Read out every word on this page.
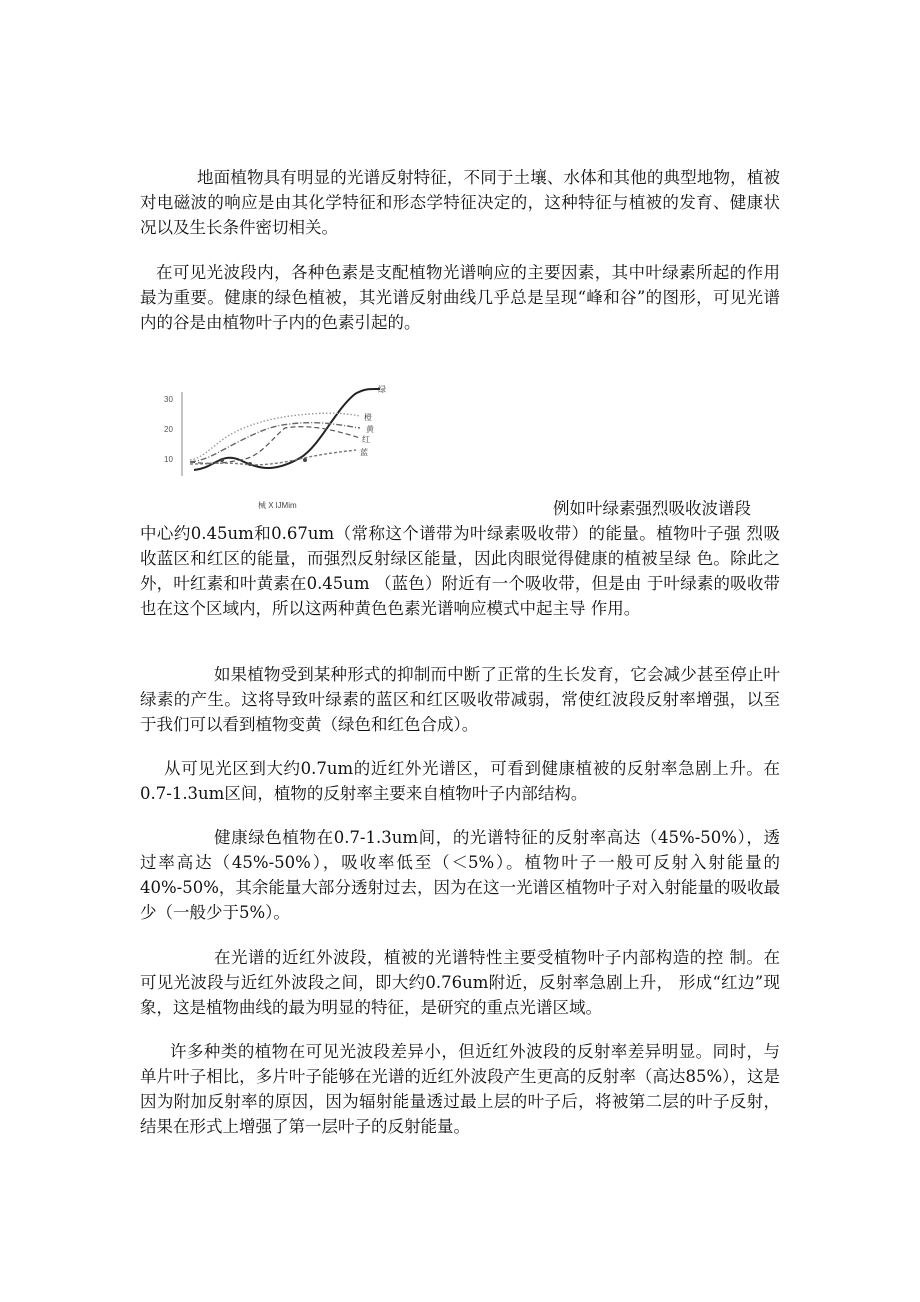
地面植物具有明显的光谱反射特征，不同于土壤、水体和其他的典型地物，植被对电磁波的响应是由其化学特征和形态学特征决定的，这种特征与植被的发育、健康状况以及生长条件密切相关。

在可见光波段内，各种色素是支配植物光谱响应的主要因素，其中叶绿素所起的作用最为重要。健康的绿色植被，其光谱反射曲线几乎总是呈现“峰和谷”的图形，可见光谱内的谷是由植物叶子内的色素引起的。

30
20
10
绿
橙
黄
红
蓝
械 X lJMim	例如叶绿素强烈吸收波谱段

中心约0.45um和0.67um（常称这个谱带为叶绿素吸收带）的能量。植物叶子强 烈吸收蓝区和红区的能量，而强烈反射绿区能量，因此肉眼觉得健康的植被呈绿 色。除此之外，叶红素和叶黄素在0.45um （蓝色）附近有一个吸收带，但是由 于叶绿素的吸收带也在这个区域内，所以这两种黄色色素光谱响应模式中起主导 作用。

如果植物受到某种形式的抑制而中断了正常的生长发育，它会减少甚至停止叶绿素的产生。这将导致叶绿素的蓝区和红区吸收带减弱，常使红波段反射率增强，以至于我们可以看到植物变黄（绿色和红色合成）。

从可见光区到大约0.7um的近红外光谱区，可看到健康植被的反射率急剧上升。在0.7-1.3um区间，植物的反射率主要来自植物叶子内部结构。

健康绿色植物在0.7-1.3um间，的光谱特征的反射率高达（45%-50%），透过率高达（45%-50%），吸收率低至（＜5%）。植物叶子一般可反射入射能量的40%-50%，其余能量大部分透射过去，因为在这一光谱区植物叶子对入射能量的吸收最少（一般少于5%）。

在光谱的近红外波段，植被的光谱特性主要受植物叶子内部构造的控 制。在可见光波段与近红外波段之间，即大约0.76um附近，反射率急剧上升， 形成“红边”现象，这是植物曲线的最为明显的特征，是研究的重点光谱区域。

许多种类的植物在可见光波段差异小，但近红外波段的反射率差异明显。同时，与单片叶子相比，多片叶子能够在光谱的近红外波段产生更高的反射率（高达85%），这是因为附加反射率的原因，因为辐射能量透过最上层的叶子后，将被第二层的叶子反射，结果在形式上增强了第一层叶子的反射能量。
